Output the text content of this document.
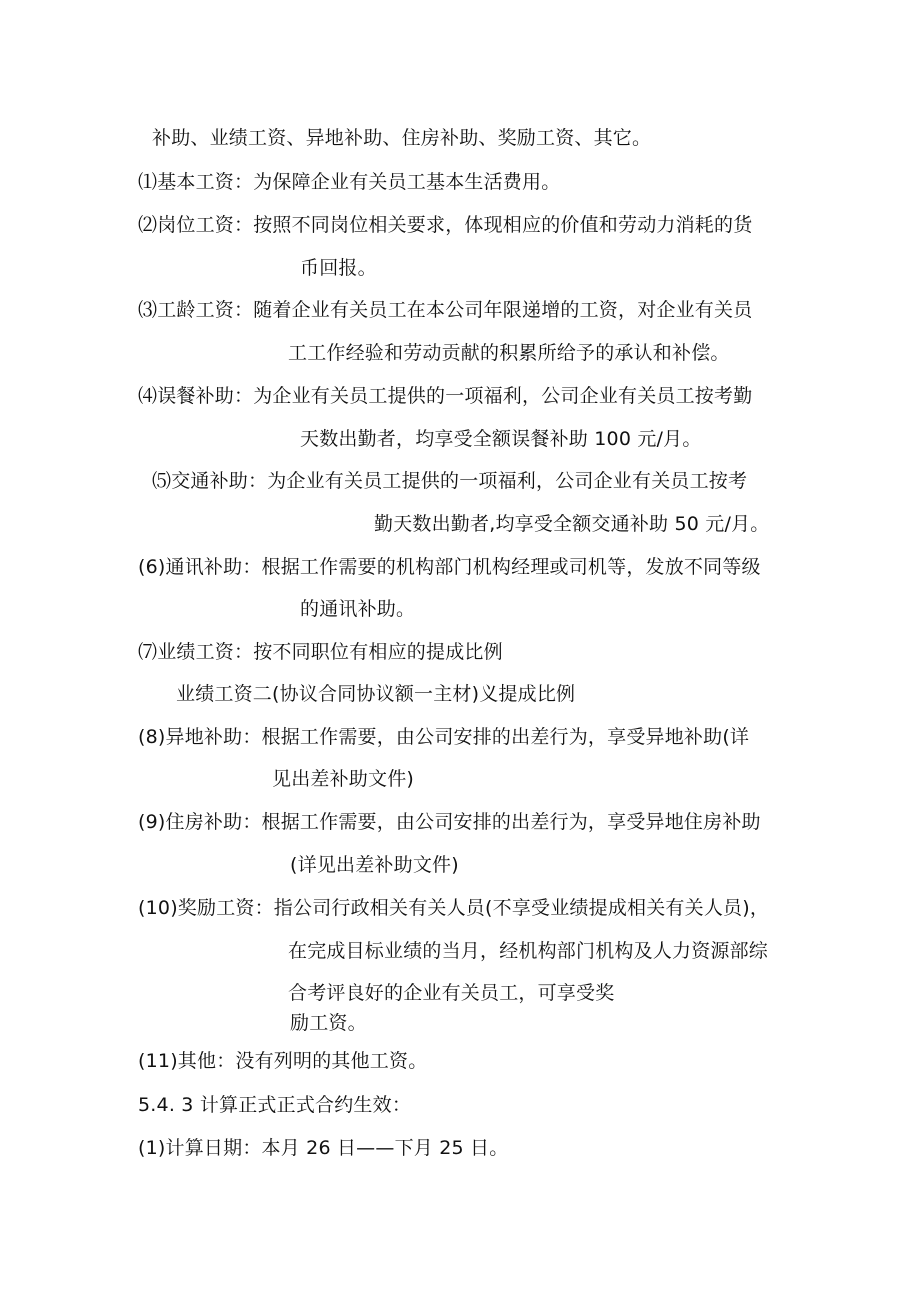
补助、业绩工资、异地补助、住房补助、奖励工资、其它。
⑴基本工资：为保障企业有关员工基本生活费用。
⑵岗位工资：按照不同岗位相关要求，体现相应的价值和劳动力消耗的货
币回报。
⑶工龄工资：随着企业有关员工在本公司年限递增的工资，对企业有关员
工工作经验和劳动贡献的积累所给予的承认和补偿。
⑷误餐补助：为企业有关员工提供的一项福利，公司企业有关员工按考勤
天数出勤者，均享受全额误餐补助 100 元/月。
⑸交通补助：为企业有关员工提供的一项福利，公司企业有关员工按考
勤天数出勤者,均享受全额交通补助 50 元/月。
(6)通讯补助：根据工作需要的机构部门机构经理或司机等，发放不同等级
的通讯补助。
⑺业绩工资：按不同职位有相应的提成比例
业绩工资二(协议合同协议额一主材)义提成比例
(8)异地补助：根据工作需要，由公司安排的出差行为，享受异地补助(详
见出差补助文件)
(9)住房补助：根据工作需要，由公司安排的出差行为，享受异地住房补助
(详见出差补助文件)
(10)奖励工资：指公司行政相关有关人员(不享受业绩提成相关有关人员)，
在完成目标业绩的当月，经机构部门机构及人力资源部综
合考评良好的企业有关员工，可享受奖
励工资。
(11)其他：没有列明的其他工资。
5.4. 3 计算正式正式合约生效：
(1)计算日期：本月 26 日——下月 25 日。
